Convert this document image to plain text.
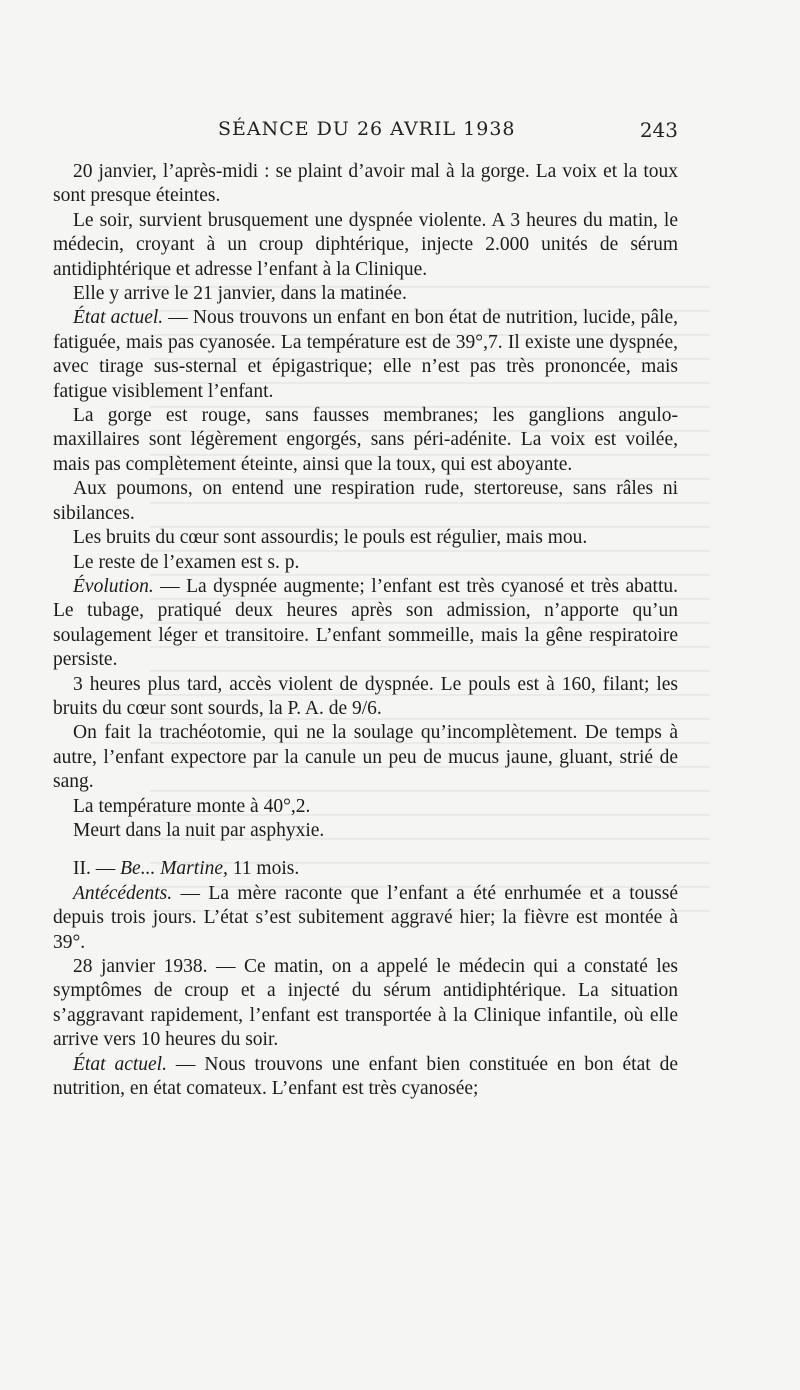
SÉANCE DU 26 AVRIL 1938	243

20 janvier, l’après-midi : se plaint d’avoir mal à la gorge. La voix et la toux sont presque éteintes.

Le soir, survient brusquement une dyspnée violente. A 3 heures du matin, le médecin, croyant à un croup diphtérique, injecte 2.000 unités de sérum antidiphtérique et adresse l’enfant à la Clinique.

Elle y arrive le 21 janvier, dans la matinée.

État actuel. — Nous trouvons un enfant en bon état de nutrition, lucide, pâle, fatiguée, mais pas cyanosée. La température est de 39°,7. Il existe une dyspnée, avec tirage sus-sternal et épigastrique; elle n’est pas très prononcée, mais fatigue visiblement l’enfant.

La gorge est rouge, sans fausses membranes; les ganglions angulo-maxillaires sont légèrement engorgés, sans péri-adénite. La voix est voilée, mais pas complètement éteinte, ainsi que la toux, qui est aboyante.

Aux poumons, on entend une respiration rude, stertoreuse, sans râles ni sibilances.

Les bruits du cœur sont assourdis; le pouls est régulier, mais mou.

Le reste de l’examen est s. p.

Évolution. — La dyspnée augmente; l’enfant est très cyanosé et très abattu. Le tubage, pratiqué deux heures après son admission, n’apporte qu’un soulagement léger et transitoire. L’enfant sommeille, mais la gêne respiratoire persiste.

3 heures plus tard, accès violent de dyspnée. Le pouls est à 160, filant; les bruits du cœur sont sourds, la P. A. de 9/6.

On fait la trachéotomie, qui ne la soulage qu’incomplètement. De temps à autre, l’enfant expectore par la canule un peu de mucus jaune, gluant, strié de sang.

La température monte à 40°,2.

Meurt dans la nuit par asphyxie.

II. — Be... Martine, 11 mois.

Antécédents. — La mère raconte que l’enfant a été enrhumée et a toussé depuis trois jours. L’état s’est subitement aggravé hier; la fièvre est montée à 39°.

28 janvier 1938. — Ce matin, on a appelé le médecin qui a constaté les symptômes de croup et a injecté du sérum antidiphtérique. La situation s’aggravant rapidement, l’enfant est transportée à la Clinique infantile, où elle arrive vers 10 heures du soir.

État actuel. — Nous trouvons une enfant bien constituée en bon état de nutrition, en état comateux. L’enfant est très cyanosée;
